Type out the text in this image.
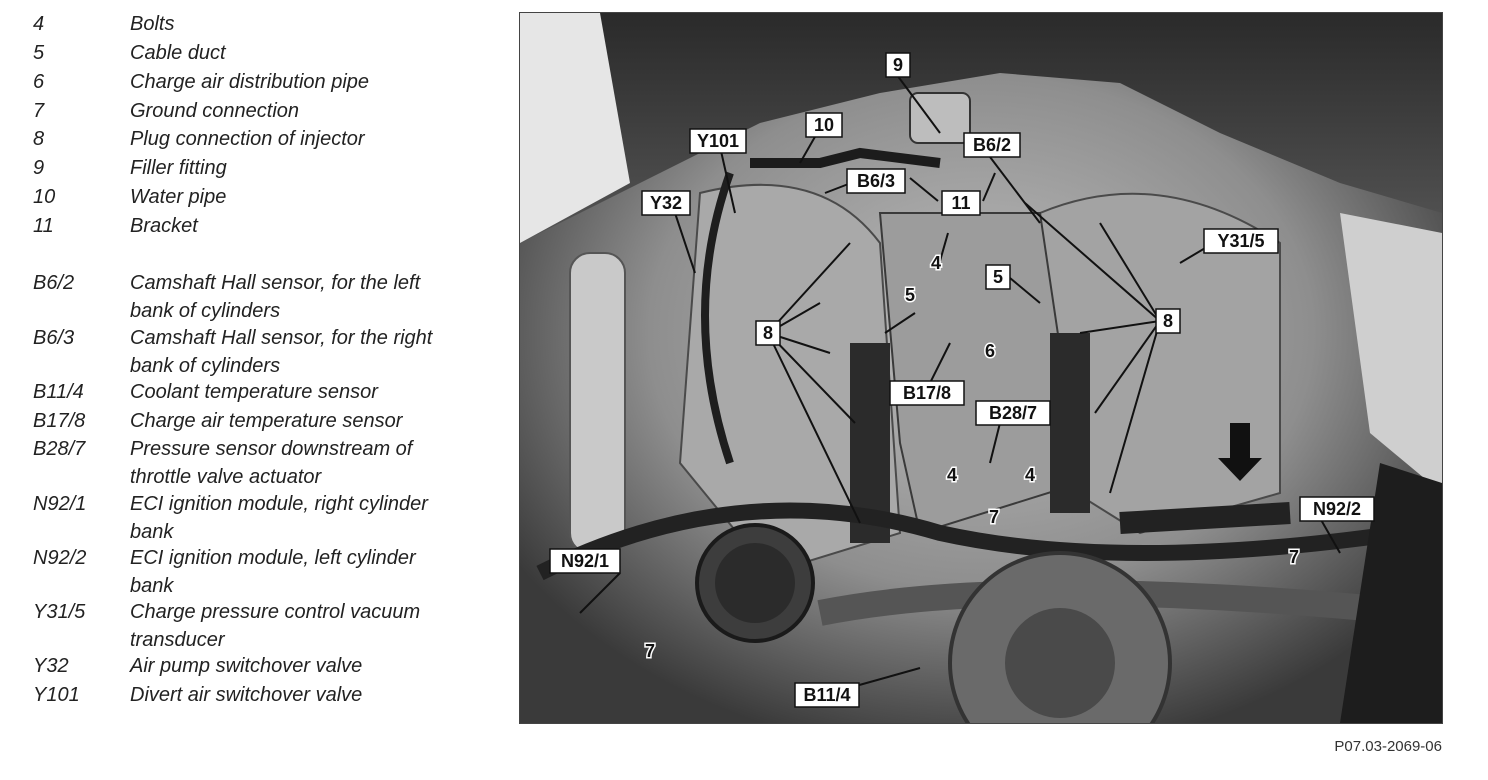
4	Bolts
5	Cable duct
6	Charge air distribution pipe
7	Ground connection
8	Plug connection of injector
9	Filler fitting
10	Water pipe
11	Bracket
B6/2	Camshaft Hall sensor, for the left
bank of cylinders
B6/3	Camshaft Hall sensor, for the right
bank of cylinders
B11/4 Coolant temperature sensor
B17/8 Charge air temperature sensor
B28/7 Pressure sensor downstream of
throttle valve actuator
N92/1 ECI ignition module, right cylinder
bank
N92/2 ECI ignition module, left cylinder
bank
Y31/5 Charge pressure control vacuum
transducer
Y32	Air pump switchover valve
Y101	Divert air switchover valve
9
10
Y101	B6/2
B6/3
11
Y32
Y31/5
4
5
5
8
8
6
B17/8
B28/7
4	4
7	N92/2
7
N92/1
7
B11/4
P07.03-2069-06
